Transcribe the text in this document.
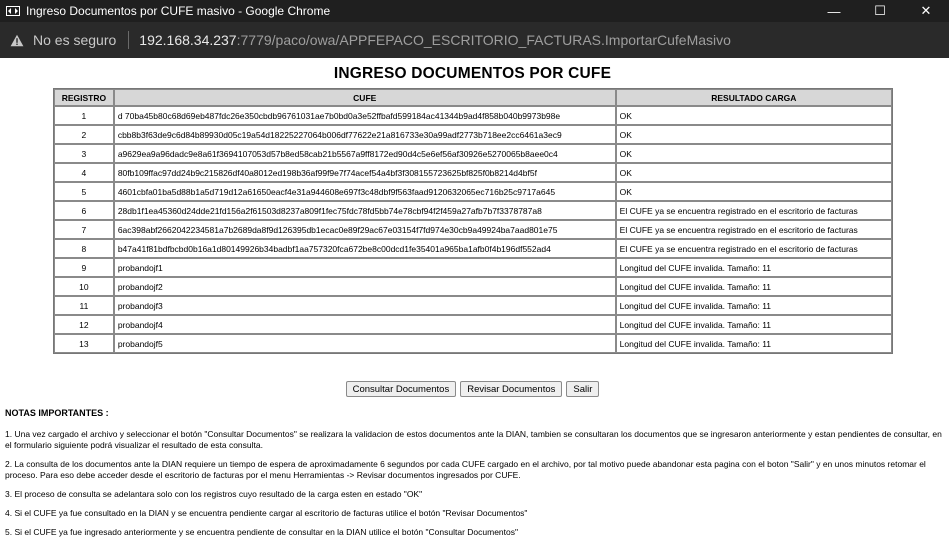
Ingreso Documentos por CUFE masivo - Google Chrome	—	☐	✕
No es seguro 192.168.34.237:7779/paco/owa/APPFEPACO_ESCRITORIO_FACTURAS.ImportarCufeMasivo
INGRESO DOCUMENTOS POR CUFE
REGISTRO	CUFE	RESULTADO CARGA
1	d 70ba45b80c68d69eb487fdc26e350cbdb96761031ae7b0bd0a3e52ffbafd599184ac41344b9ad4f858b040b9973b98e	OK
2	cbb8b3f63de9c6d84b89930d05c19a54d18225227064b006df77622e21a816733e30a99adf2773b718ee2cc6461a3ec9	OK
3	a9629ea9a96dadc9e8a61f3694107053d57b8ed58cab21b5567a9ff8172ed90d4c5e6ef56af30926e5270065b8aee0c4	OK
4	80fb109ffac97dd24b9c215826df40a8012ed198b36af99f9e7f74acef54a4bf3f308155723625bf825f0b8214d4bf5f	OK
5	4601cbfa01ba5d88b1a5d719d12a61650eacf4e31a944608e697f3c48dbf9f563faad9120632065ec716b25c9717a645	OK
6	28db1f1ea45360d24dde21fd156a2f61503d8237a809f1fec75fdc78fd5bb74e78cbf94f2f459a27afb7b7f3378787a8	El CUFE ya se encuentra registrado en el escritorio de facturas
7	6ac398abf2662042234581a7b2689da8f9d126395db1ecac0e89f29ac67e03154f7fd974e30cb9a49924ba7aad801e75	El CUFE ya se encuentra registrado en el escritorio de facturas
8	b47a41f81bdfbcbd0b16a1d80149926b34badbf1aa757320fca672be8c00dcd1fe35401a965ba1afb0f4b196df552ad4	El CUFE ya se encuentra registrado en el escritorio de facturas
9	probandojf1	Longitud del CUFE invalida. Tamaño: 11
10	probandojf2	Longitud del CUFE invalida. Tamaño: 11
11	probandojf3	Longitud del CUFE invalida. Tamaño: 11
12	probandojf4	Longitud del CUFE invalida. Tamaño: 11
13	probandojf5	Longitud del CUFE invalida. Tamaño: 11
Consultar Documentos	Revisar Documentos	Salir
NOTAS IMPORTANTES :

1. Una vez cargado el archivo y seleccionar el botón "Consultar Documentos" se realizara la validacion de estos documentos ante la DIAN, tambien se consultaran los documentos que se ingresaron anteriormente y estan pendientes de consultar, en el formulario siguiente podrá visualizar el resultado de esta consulta.

2. La consulta de los documentos ante la DIAN requiere un tiempo de espera de aproximadamente 6 segundos por cada CUFE cargado en el archivo, por tal motivo puede abandonar esta pagina con el boton "Salir" y en unos minutos retomar el proceso. Para eso debe acceder desde el escritorio de facturas por el menu Herramientas -> Revisar documentos ingresados por CUFE.

3. El proceso de consulta se adelantara solo con los registros cuyo resultado de la carga esten en estado "OK"

4. Si el CUFE ya fue consultado en la DIAN y se encuentra pendiente cargar al escritorio de facturas utilice el botón "Revisar Documentos"

5. Si el CUFE ya fue ingresado anteriormente y se encuentra pendiente de consultar en la DIAN utilice el botón "Consultar Documentos"
